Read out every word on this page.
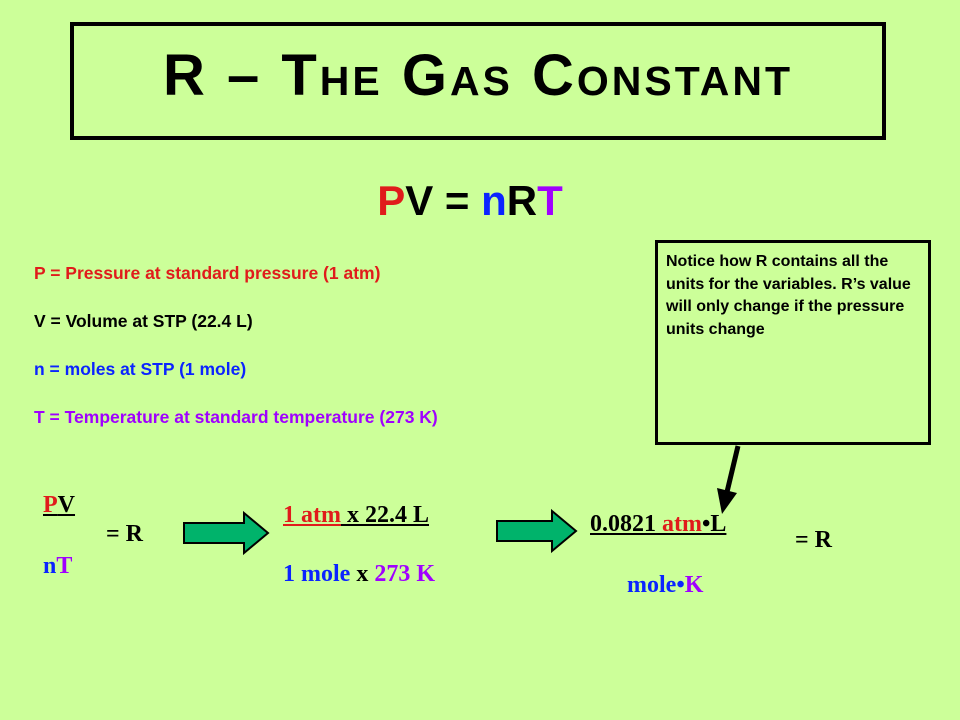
R – The Gas Constant
PV = nRT
P = Pressure at standard pressure (1 atm)
V = Volume at STP (22.4 L)
n = moles at STP (1 mole)
T = Temperature at standard temperature (273 K)
Notice how R contains all the units for the variables. R’s value will only change if the pressure units change
PV
nT
= R
1 atm x 22.4 L
1 mole x 273 K
0.0821 atm•L
mole•K
= R
